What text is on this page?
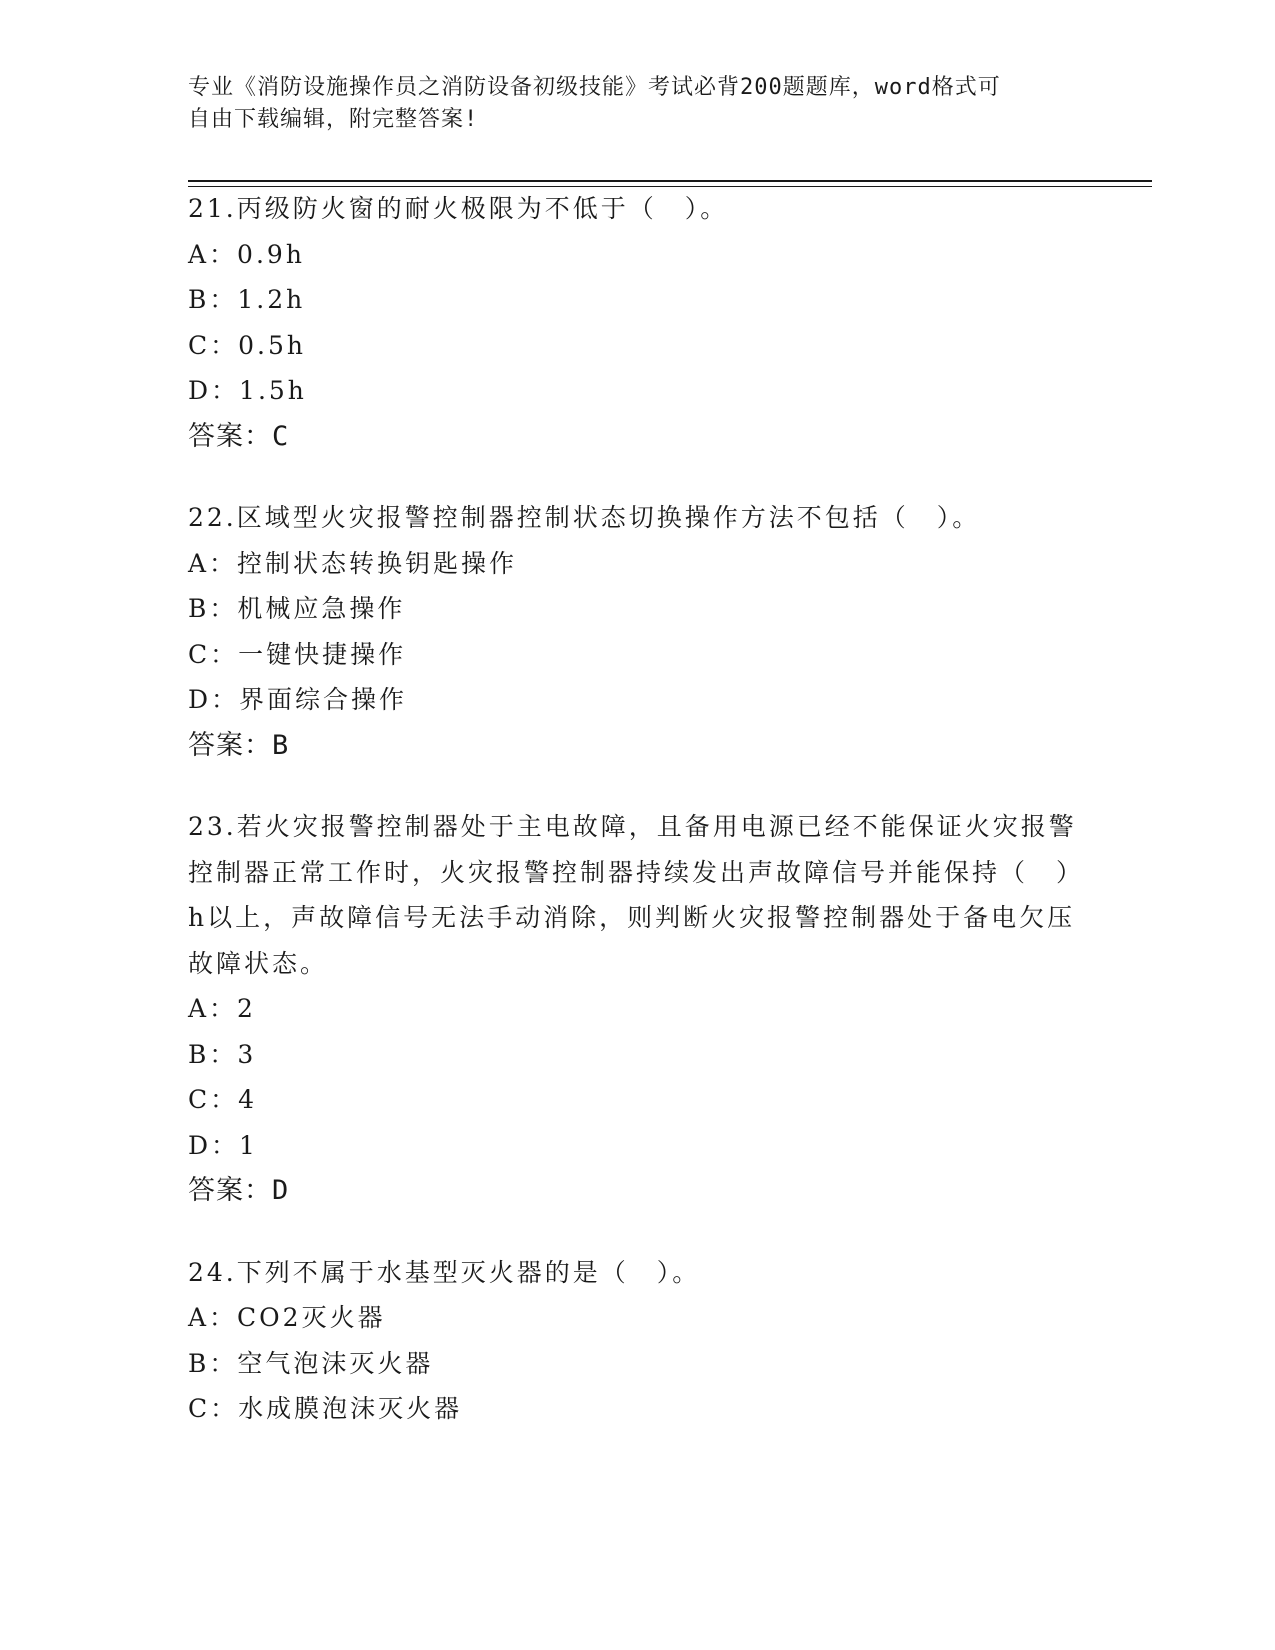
专业《消防设施操作员之消防设备初级技能》考试必背200题题库，word格式可
自由下载编辑，附完整答案!
21.丙级防火窗的耐火极限为不低于（　）。
A：0.9h
B：1.2h
C：0.5h
D：1.5h
答案：C
22.区域型火灾报警控制器控制状态切换操作方法不包括（　）。
A：控制状态转换钥匙操作
B：机械应急操作
C：一键快捷操作
D：界面综合操作
答案：B
23.若火灾报警控制器处于主电故障，且备用电源已经不能保证火灾报警控制器正常工作时，火灾报警控制器持续发出声故障信号并能保持（　）h以上，声故障信号无法手动消除，则判断火灾报警控制器处于备电欠压故障状态。
A：2
B：3
C：4
D：1
答案：D
24.下列不属于水基型灭火器的是（　）。
A：CO2灭火器
B：空气泡沫灭火器
C：水成膜泡沫灭火器
